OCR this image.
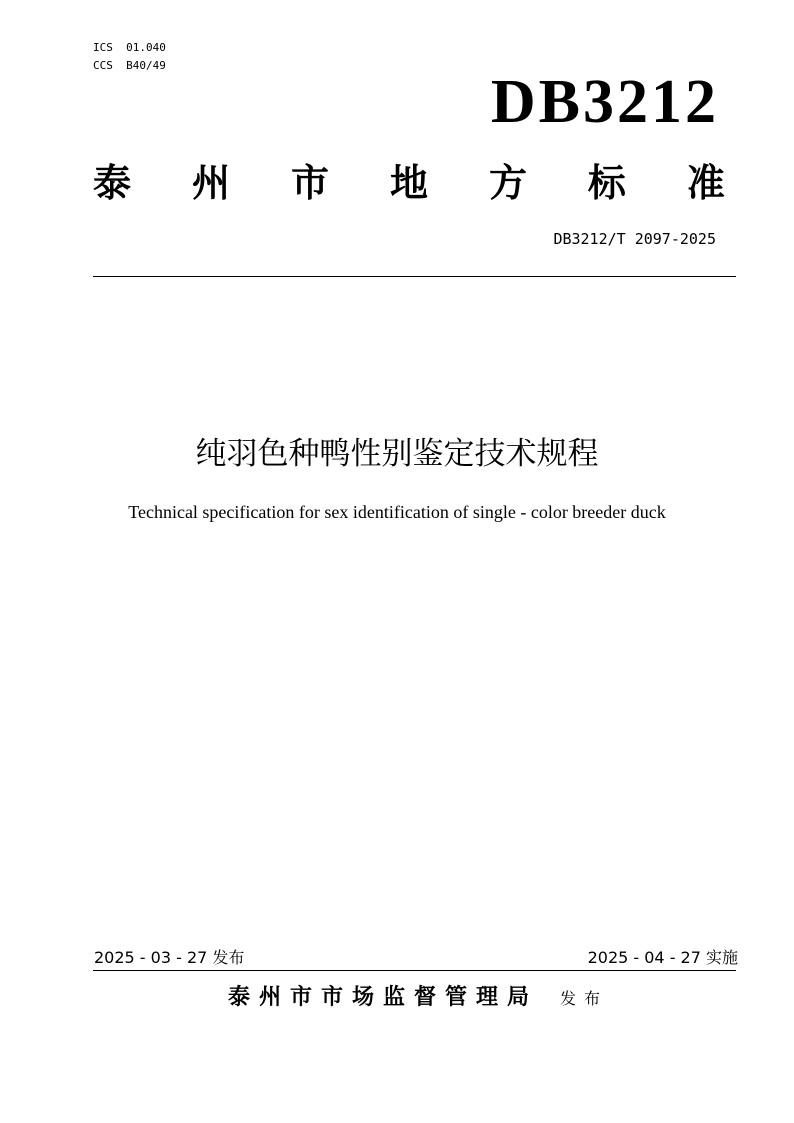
ICS  01.040
CCS  B40/49
DB3212
泰 州 市 地 方 标 准
DB3212/T 2097-2025
纯羽色种鸭性别鉴定技术规程
Technical specification for sex identification of single - color breeder duck
2025 - 03 - 27 发布	2025 - 04 - 27 实施
泰州市市场监督管理局 发布
